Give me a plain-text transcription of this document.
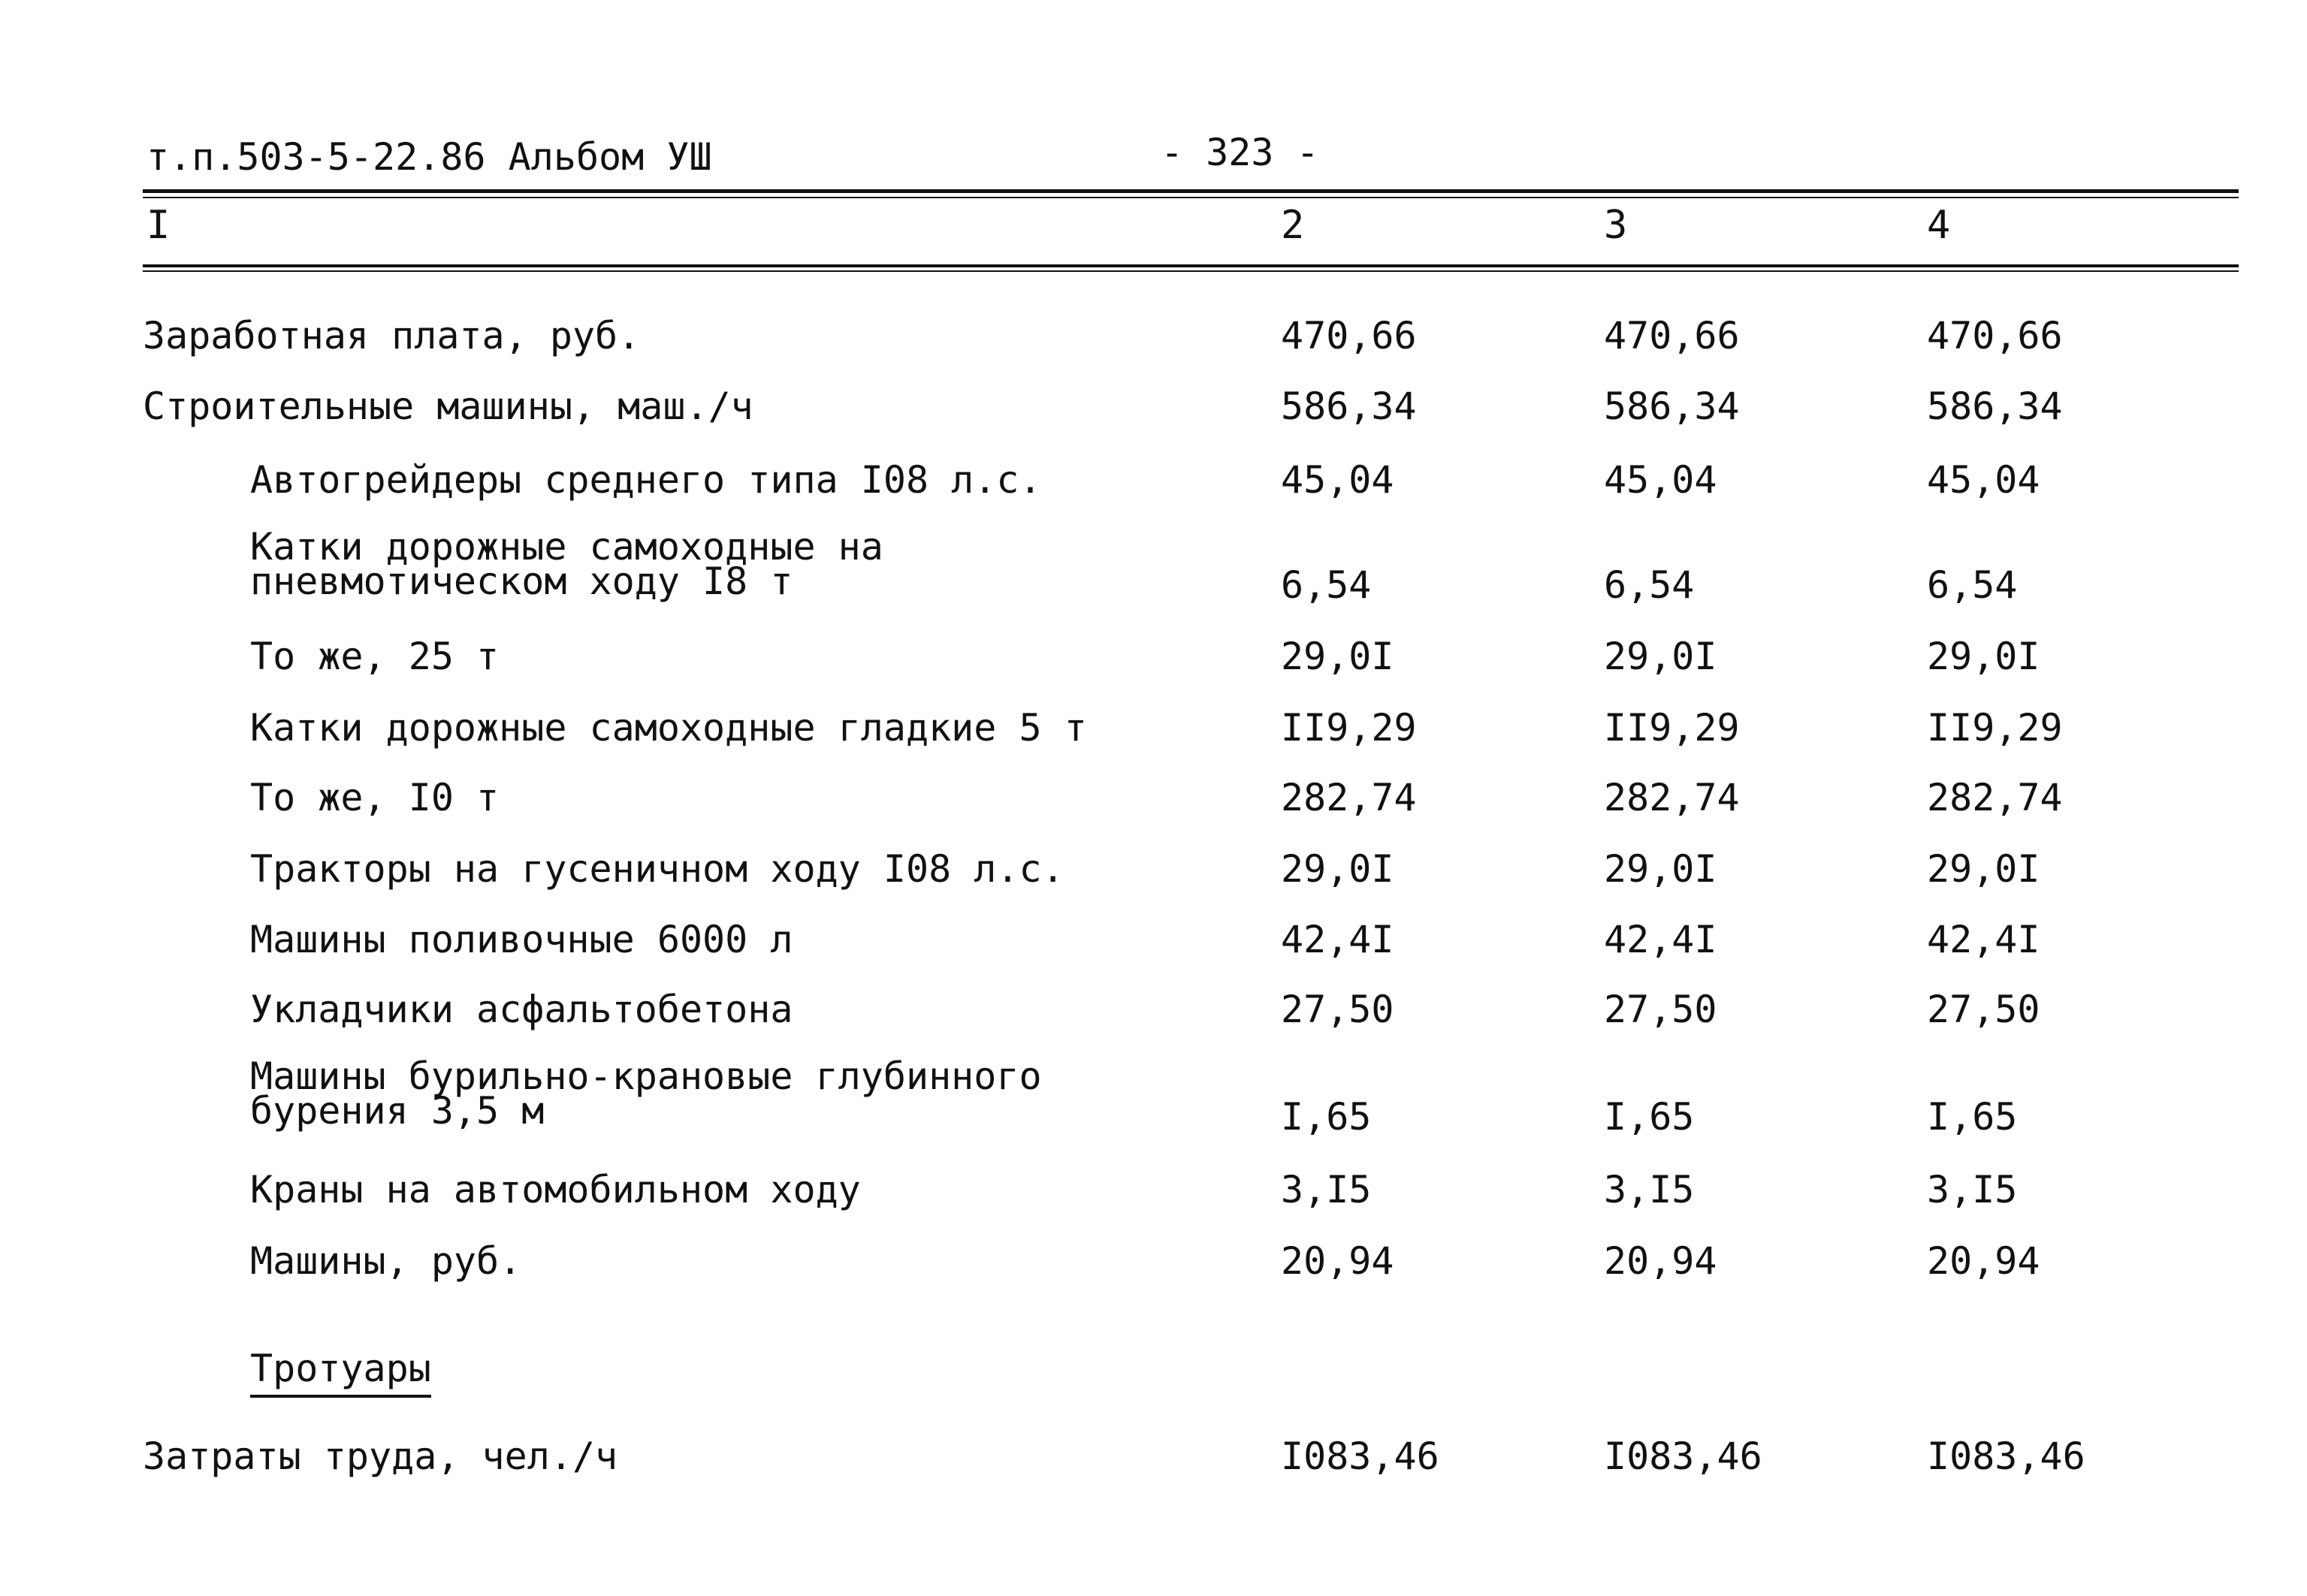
т.п.503-5-22.86 Альбом УШ	- 323 -
I	2	3	4
Заработная плата, руб.	470,66	470,66	470,66
Строительные машины, маш./ч	586,34	586,34	586,34
Автогрейдеры среднего типа I08 л.с.	45,04	45,04	45,04
Катки дорожные самоходные на пневмотическом ходу I8 т	6,54	6,54	6,54
То же, 25 т	29,0I	29,0I	29,0I
Катки дорожные самоходные гладкие 5 т	II9,29	II9,29	II9,29
То же, I0 т	282,74	282,74	282,74
Тракторы на гусеничном ходу I08 л.с.	29,0I	29,0I	29,0I
Машины поливочные 6000 л	42,4I	42,4I	42,4I
Укладчики асфальтобетона	27,50	27,50	27,50
Машины бурильно-крановые глубинного бурения 3,5 м	I,65	I,65	I,65
Краны на автомобильном ходу	3,I5	3,I5	3,I5
Машины, руб.	20,94	20,94	20,94
Тротуары
Затраты труда, чел./ч	I083,46	I083,46	I083,46
